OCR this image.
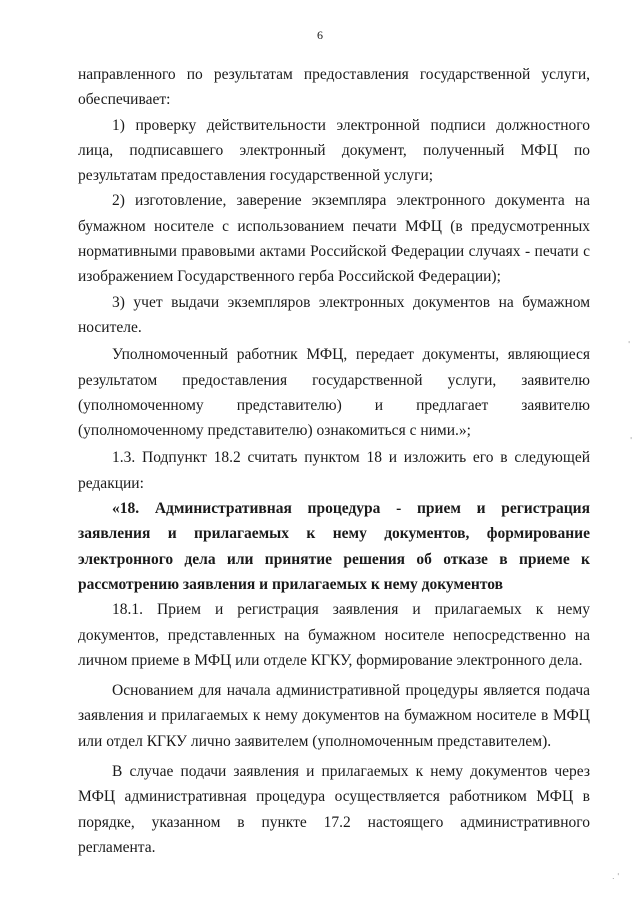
6

направленного по результатам предоставления государственной услуги, обеспечивает:

1) проверку действительности электронной подписи должностного лица, подписавшего электронный документ, полученный МФЦ по результатам предоставления государственной услуги;

2) изготовление, заверение экземпляра электронного документа на бумажном носителе с использованием печати МФЦ (в предусмотренных нормативными правовыми актами Российской Федерации случаях - печати с изображением Государственного герба Российской Федерации);

3) учет выдачи экземпляров электронных документов на бумажном носителе.

Уполномоченный работник МФЦ, передает документы, являющиеся результатом предоставления государственной услуги, заявителю (уполномоченному представителю) и предлагает заявителю (уполномоченному представителю) ознакомиться с ними.»;

1.3. Подпункт 18.2 считать пунктом 18 и изложить его в следующей редакции:

«18. Административная процедура - прием и регистрация заявления и прилагаемых к нему документов, формирование электронного дела или принятие решения об отказе в приеме к рассмотрению заявления и прилагаемых к нему документов

18.1. Прием и регистрация заявления и прилагаемых к нему документов, представленных на бумажном носителе непосредственно на личном приеме в МФЦ или отделе КГКУ, формирование электронного дела.

Основанием для начала административной процедуры является подача заявления и прилагаемых к нему документов на бумажном носителе в МФЦ или отдел КГКУ лично заявителем (уполномоченным представителем).

В случае подачи заявления и прилагаемых к нему документов через МФЦ административная процедура осуществляется работником МФЦ в порядке, указанном в пункте 17.2 настоящего административного регламента.

'
'
. '
